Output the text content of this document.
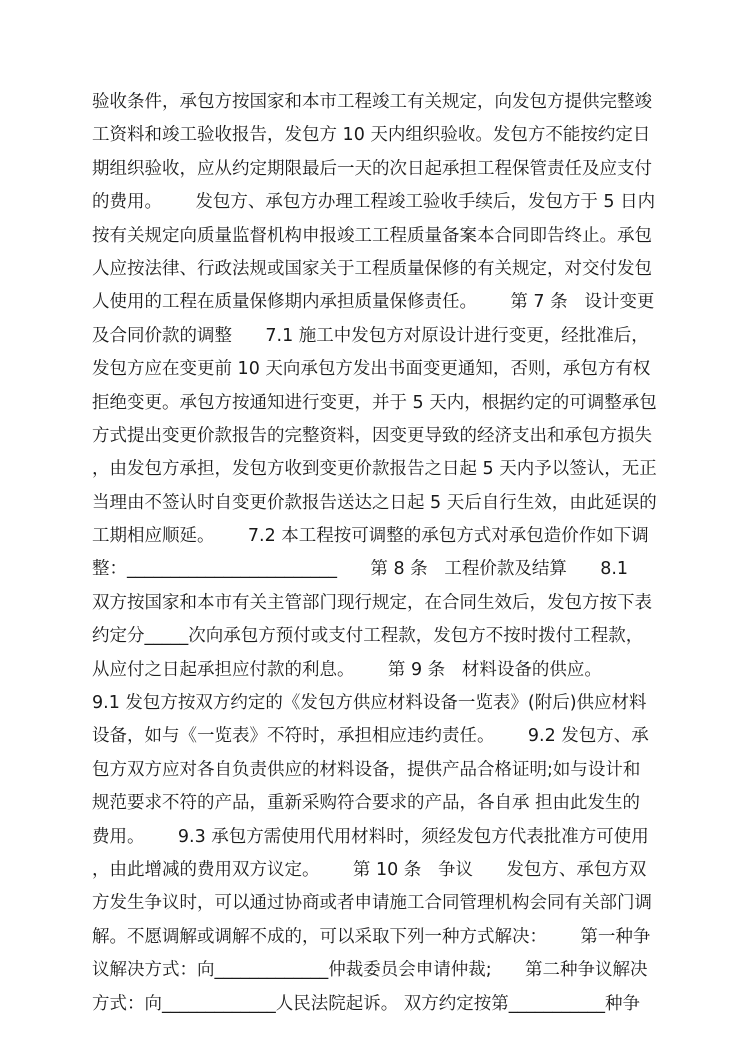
验收条件，承包方按国家和本市工程竣工有关规定，向发包方提供完整竣
工资料和竣工验收报告，发包方 10 天内组织验收。发包方不能按约定日
期组织验收，应从约定期限最后一天的次日起承担工程保管责任及应支付
的费用。      发包方、承包方办理工程竣工验收手续后，发包方于 5 日内
按有关规定向质量监督机构申报竣工工程质量备案本合同即告终止。承包
人应按法律、行政法规或国家关于工程质量保修的有关规定，对交付发包
人使用的工程在质量保修期内承担质量保修责任。      第 7 条   设计变更
及合同价款的调整      7.1 施工中发包方对原设计进行变更，经批准后，
发包方应在变更前 10 天向承包方发出书面变更通知，否则，承包方有权
拒绝变更。承包方按通知进行变更，并于 5 天内，根据约定的可调整承包
方式提出变更价款报告的完整资料，因变更导致的经济支出和承包方损失
，由发包方承担，发包方收到变更价款报告之日起 5 天内予以签认，无正
当理由不签认时自变更价款报告送达之日起 5 天后自行生效，由此延误的
工期相应顺延。      7.2 本工程按可调整的承包方式对承包造价作如下调
整：________________________      第 8 条   工程价款及结算      8.1
双方按国家和本市有关主管部门现行规定，在合同生效后，发包方按下表
约定分_____次向承包方预付或支付工程款，发包方不按时拨付工程款，
从应付之日起承担应付款的利息。      第 9 条   材料设备的供应。
9.1 发包方按双方约定的《发包方供应材料设备一览表》(附后)供应材料
设备，如与《一览表》不符时，承担相应违约责任。      9.2 发包方、承
包方双方应对各自负责供应的材料设备，提供产品合格证明;如与设计和
规范要求不符的产品，重新采购符合要求的产品，各自承 担由此发生的
费用。      9.3 承包方需使用代用材料时，须经发包方代表批准方可使用
，由此增减的费用双方议定。      第 10 条   争议      发包方、承包方双
方发生争议时，可以通过协商或者申请施工合同管理机构会同有关部门调
解。不愿调解或调解不成的，可以采取下列一种方式解决：      第一种争
议解决方式：向_____________仲裁委员会申请仲裁;      第二种争议解决
方式：向_____________人民法院起诉。 双方约定按第___________种争
